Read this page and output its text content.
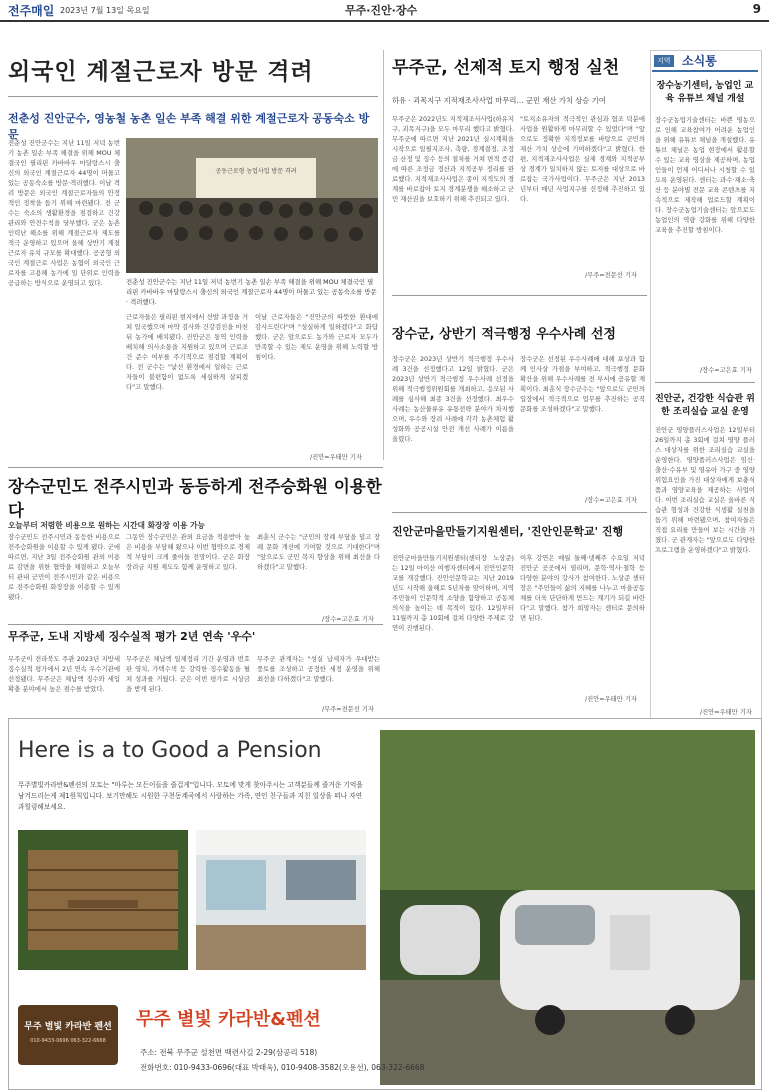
전주매일 2023년 7월 13일 목요일	무주·진안·장수	9
외국인 계절근로자 방문 격려
전춘성 진안군수, 영농철 농촌 일손 부족 해결 위한 계절근로자 공동숙소 방문
전춘성 진안군수는 지난 11일 저녁 농번기 농촌 일손 부족 해결을 위해 MOU 체결국인 필리핀 카바바우 마달랑스시 출신의 외국인 계절근로자 44명이 머물고 있는 공동숙소를 방문·격려했다. 이날 격려 방문은 외국인 계절근로자들의 안정적인 정착을 돕기 위해 마련됐다. 전 군수는 숙소의 생활환경을 점검하고 건강관리와 안전수칙을 당부했다. 군은 농촌 인력난 해소를 위해 계절근로자 제도를 적극 운영하고 있으며 올해 상반기 계절근로자 유치 규모를 확대했다. 공공형 외국인 계절근로 사업은 농협이 외국인 근로자를 고용해 농가에 일 단위로 인력을 공급하는 방식으로 운영되고 있다.
공동근로형 농업사업 방문 격려
전춘성 진안군수는 지난 11일 저녁 농번기 농촌 일손 부족 해결을 위해 MOU 체결국인 필리핀 카바바우 마달랑스시 출신의 외국인 계절근로자 44명이 머물고 있는 공동숙소를 방문 · 격려했다.
근로자들은 필리핀 현지에서 선발 과정을 거쳐 입국했으며 마약 검사와 건강검진을 마친 뒤 농가에 배치됐다. 진안군은 통역 인력을 배치해 의사소통을 지원하고 있으며 근로조건 준수 여부를 주기적으로 점검할 계획이다. 전 군수는 "낯선 환경에서 일하는 근로자들이 불편함이 없도록 세심하게 살피겠다"고 말했다.
이날 근로자들은 "진안군의 따뜻한 환대에 감사드린다"며 "성실하게 일하겠다"고 화답했다. 군은 앞으로도 농가와 근로자 모두가 만족할 수 있는 제도 운영을 위해 노력할 방침이다.
/진안=우태만 기자
무주군, 선제적 토지 행정 실천
하유 · 괴목지구 지적재조사사업 마무리… 군민 재산 가치 상승 기여
무주군은 2022년도 지적재조사사업(하유지구, 괴목지구)을 모두 마무리 했다고 밝혔다. 무주군에 따르면 지난 2021년 실시계획을 시작으로 일필지조사, 측량, 경계결정, 조정금 산정 및 징수 등의 절차를 거쳐 면적 증감에 따른 조정금 정산과 지적공부 정리를 완료했다. 지적재조사사업은 종이 지적도의 경계를 바로잡아 토지 경계분쟁을 해소하고 군민 재산권을 보호하기 위해 추진되고 있다.
"토지소유자의 적극적인 관심과 협조 덕분에 사업을 원활하게 마무리할 수 있었다"며 "앞으로도 정확한 지적정보를 바탕으로 군민의 재산 가치 상승에 기여하겠다"고 밝혔다. 한편, 지적재조사사업은 실제 경계와 지적공부상 경계가 일치하지 않는 토지를 대상으로 바로잡는 국가사업이다. 무주군은 지난 2013년부터 매년 사업지구를 선정해 추진하고 있다.
/무주=전문선 기자
장수군, 상반기 적극행정 우수사례 선정
장수군은 2023년 상반기 적극행정 우수사례 3건을 선정했다고 12일 밝혔다. 군은 2023년 상반기 적극행정 우수사례 선정을 위해 적극행정위원회를 개최하고, 응모된 사례를 심사해 최종 3건을 선정했다. 최우수 사례는 농산물류유 유통전략 분야가 차지했으며, 우수와 장려 사례에 각각 농촌체험 활성화와 공공시설 안전 개선 사례가 이름을 올렸다.
장수군은 선정된 우수사례에 대해 포상과 함께 인사상 가점을 부여하고, 적극행정 문화 확산을 위해 우수사례를 전 부서에 공유할 계획이다. 최훈식 장수군수는 "앞으로도 군민의 입장에서 적극적으로 업무를 추진하는 공직문화를 조성하겠다"고 말했다.
/장수=고은효 기자
장수군민도 전주시민과 동등하게 전주승화원 이용한다
오늘부터 저렴한 비용으로 원하는 시간대 화장장 이용 가능
장수군민도 전주시민과 동등한 비용으로 전주승화원을 이용할 수 있게 됐다. 군에 따르면, 지난 3일 전주승화원 관외 이용료 감면을 위한 협약을 체결하고 오늘부터 관내 군민이 전주시민과 같은 비용으로 전주승화원 화장장을 이용할 수 있게 됐다.
그동안 장수군민은 관외 요금을 적용받아 높은 비용을 부담해 왔으나 이번 협약으로 경제적 부담이 크게 줄어들 전망이다. 군은 화장 장려금 지원 제도도 함께 운영하고 있다.
최훈식 군수는 "군민의 장례 부담을 덜고 장례 문화 개선에 기여할 것으로 기대한다"며 "앞으로도 군민 복지 향상을 위해 최선을 다하겠다"고 말했다.
/장수=고은효 기자
진안군마을만들기지원센터, '진안인문학교' 진행
진안군마을만들기지원센터(센터장 노상준)는 12일 마이산 여행자센터에서 진안인문학교를 개강했다. 진안인문학교는 지난 2019년도 시작해 올해로 5년차를 맞이하며, 지역주민들이 인문학적 소양을 함양하고 공동체 의식을 높이는 데 목적이 있다. 12일부터 11월까지 총 10회에 걸쳐 다양한 주제로 강연이 진행된다.
이후 강연은 매월 둘째·넷째주 수요일 저녁 진안군 곳곳에서 열리며, 문학·역사·철학 등 다양한 분야의 강사가 참여한다. 노상준 센터장은 "주민들이 삶의 지혜를 나누고 마을공동체를 더욱 단단하게 만드는 계기가 되길 바란다"고 말했다. 참가 희망자는 센터로 문의하면 된다.
/진안=우태만 기자
무주군, 도내 지방세 징수실적 평가 2년 연속 '우수'
무주군이 전라북도 주관 2023년 지방세 징수실적 평가에서 2년 연속 우수기관에 선정됐다. 무주군은 체납액 징수와 세입 확충 분야에서 높은 점수를 받았다.
무주군은 체납액 일제정리 기간 운영과 번호판 영치, 가택수색 등 강력한 징수활동을 펼쳐 성과를 거뒀다. 군은 이번 평가로 시상금을 받게 된다.
무주군 관계자는 "성실 납세자가 우대받는 풍토를 조성하고 공정한 세정 운영을 위해 최선을 다하겠다"고 말했다.
/무주=전문선 기자
지역 소식통
장수농기센터, 농업인 교육 유튜브 채널 개설
장수군농업기술센터는 바쁜 영농으로 인해 교육참여가 어려운 농업인을 위해 유튜브 채널을 개설했다. 유튜브 채널은 농업 현장에서 활용할 수 있는 교육 영상을 제공하며, 농업인들이 언제 어디서나 시청할 수 있도록 운영된다. 센터는 과수·채소·축산 등 분야별 전문 교육 콘텐츠를 지속적으로 제작해 업로드할 계획이다. 장수군농업기술센터는 앞으로도 농업인의 역량 강화를 위해 다양한 교육을 추진할 방침이다.
/장수=고은효 기자
진안군, 건강한 식습관 위한 조리실습 교실 운영
진안군 영양플러스사업은 12일부터 26일까지 총 3회에 걸쳐 영양 플러스 대상자를 위한 조리실습 교실을 운영한다. 영양플러스사업은 임신·출산·수유부 및 영유아 가구 중 영양위험요인을 가진 대상자에게 보충식품과 영양교육을 제공하는 사업이다. 이번 조리실습 교실은 올바른 식습관 형성과 건강한 식생활 실천을 돕기 위해 마련됐으며, 참여자들은 직접 요리를 만들어 보는 시간을 가졌다. 군 관계자는 "앞으로도 다양한 프로그램을 운영하겠다"고 밝혔다.
/진안=우태만 기자
Here is a to Good a Pension
무주별빛카라반&펜션의 모토는 "마루는 모든이들을 즐겁게"입니다. 모토에 맞게 찾아주시는 고객분들께 즐거운 기억을 남겨드리는게 제1원칙입니다. 보기만해도 시원한 구천동계곡에서 사랑하는 가족, 연인 친구들과 지친 일상을 떠나 자연과힐링해보세요.
무주 별빛 카라반 펜션
010-9433-0696 063-322-6668
무주 별빛 카라반&펜션
주소: 전북 무주군 설천면 백련사길 2-29(삼공리 518)
전화번호: 010-9433-0696(대표 박태욱), 010-9408-3582(오용선), 063-322-6668
